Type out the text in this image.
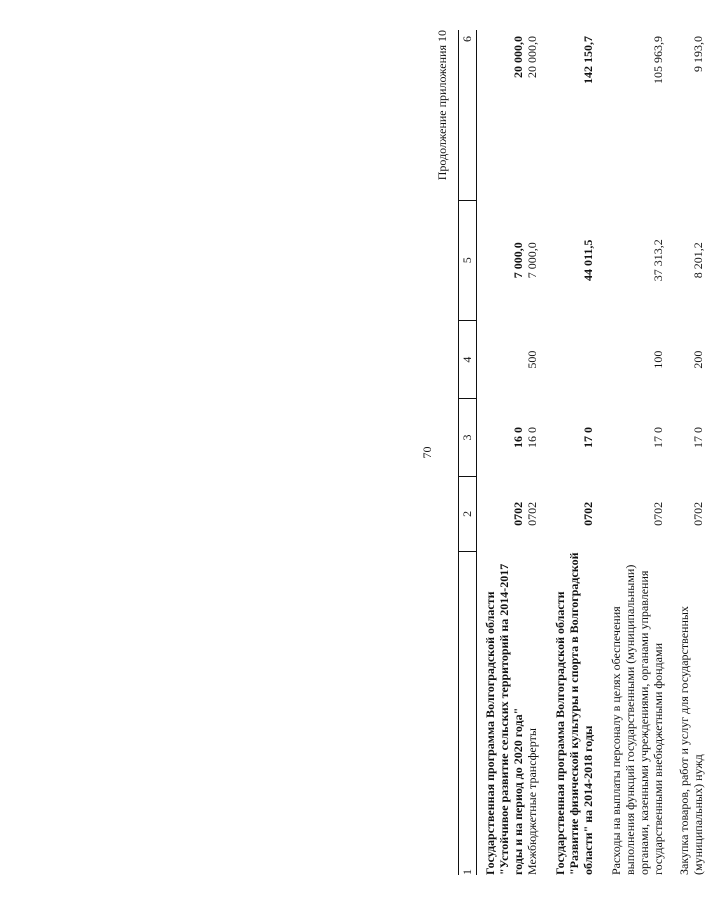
70
Продолжение приложения 10
1	2	3	4	5	6
Государственная программа Волгоградской области "Устойчивое развитие сельских территорий на 2014-2017 годы и на период до 2020 года"	0702	16 0		7 000,0	20 000,0
Межбюджетные трансферты	0702	16 0	500	7 000,0	20 000,0
Государственная программа Волгоградской области "Развитие физической культуры и спорта в Волгоградской области" на 2014-2018 годы	0702	17 0		44 011,5	142 150,7
Расходы на выплаты персоналу в целях обеспечения выполнения функций государственными (муниципальными) органами, казенными учреждениями, органами управления государственными внебюджетными фондами	0702	17 0	100	37 313,2	105 963,9
Закупка товаров, работ и услуг для государственных (муниципальных) нужд	0702	17 0	200	8 201,2	9 193,0
